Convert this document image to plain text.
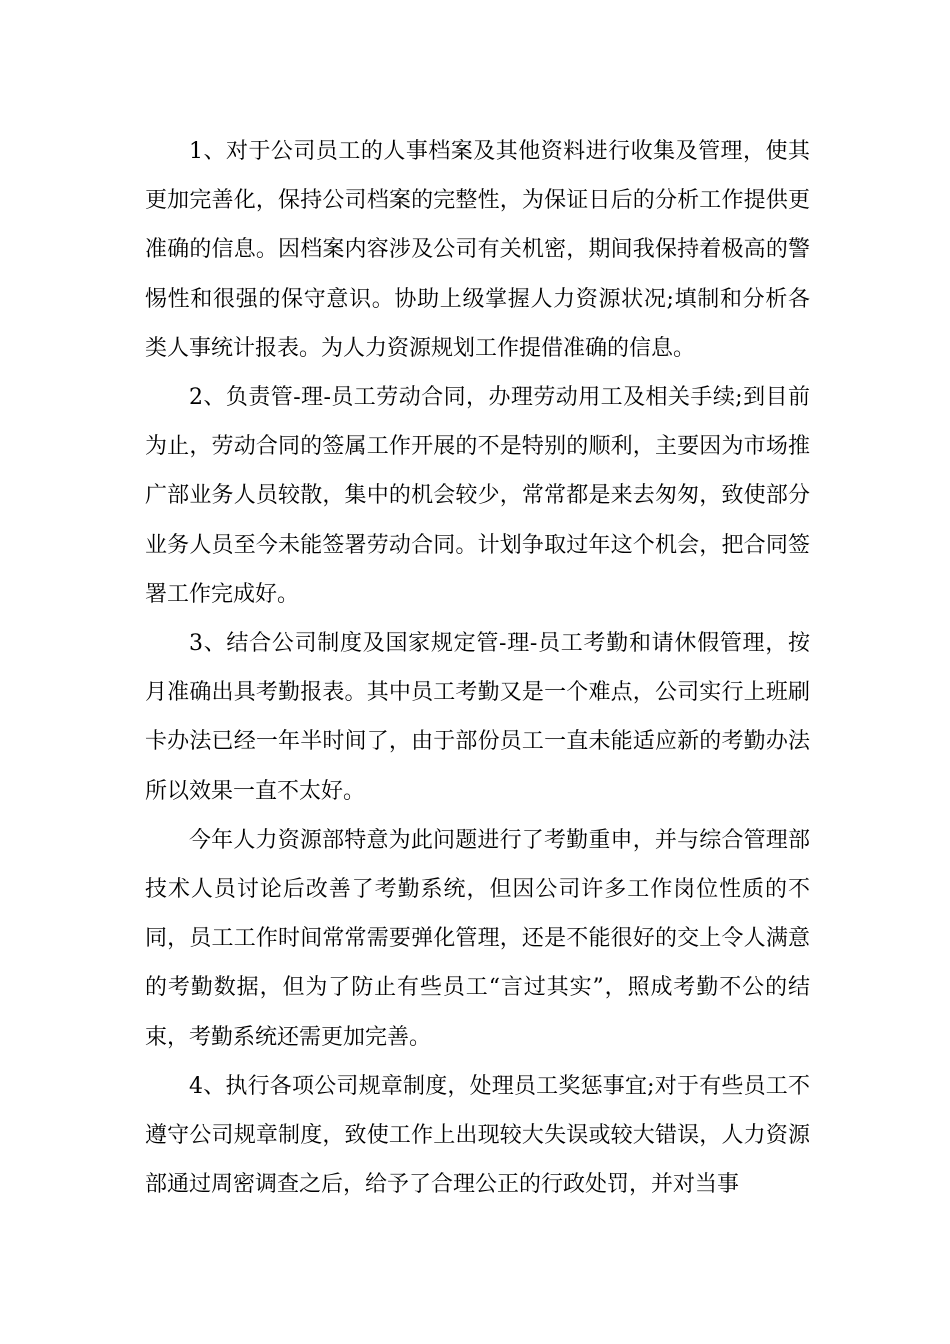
1、对于公司员工的人事档案及其他资料进行收集及管理，使其更加完善化，保持公司档案的完整性，为保证日后的分析工作提供更准确的信息。因档案内容涉及公司有关机密，期间我保持着极高的警惕性和很强的保守意识。协助上级掌握人力资源状况;填制和分析各类人事统计报表。为人力资源规划工作提借准确的信息。

2、负责管-理-员工劳动合同，办理劳动用工及相关手续;到目前为止，劳动合同的签属工作开展的不是特别的顺利，主要因为市场推广部业务人员较散，集中的机会较少，常常都是来去匆匆，致使部分业务人员至今未能签署劳动合同。计划争取过年这个机会，把合同签署工作完成好。

3、结合公司制度及国家规定管-理-员工考勤和请休假管理，按月准确出具考勤报表。其中员工考勤又是一个难点，公司实行上班刷卡办法已经一年半时间了，由于部份员工一直未能适应新的考勤办法所以效果一直不太好。

今年人力资源部特意为此问题进行了考勤重申，并与综合管理部技术人员讨论后改善了考勤系统，但因公司许多工作岗位性质的不同，员工工作时间常常需要弹化管理，还是不能很好的交上令人满意的考勤数据，但为了防止有些员工“言过其实”，照成考勤不公的结束，考勤系统还需更加完善。

4、执行各项公司规章制度，处理员工奖惩事宜;对于有些员工不遵守公司规章制度，致使工作上出现较大失误或较大错误，人力资源部通过周密调查之后，给予了合理公正的行政处罚，并对当事
